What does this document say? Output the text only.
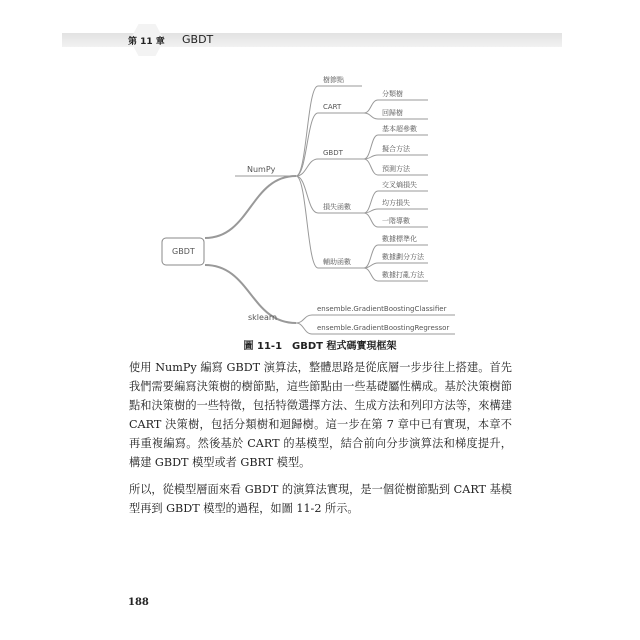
第 11 章 GBDT
GBDT
NumPy
sklearn
樹節點
CART
分類樹
回歸樹
GBDT
基本超參數
擬合方法
預測方法
損失函數
交叉熵損失
均方損失
一階導數
輔助函數
數據標準化
數據劃分方法
數據打亂方法
ensemble.GradientBoostingClassifier
ensemble.GradientBoostingRegressor
圖 11-1　GBDT 程式碼實現框架

使用 NumPy 編寫 GBDT 演算法，整體思路是從底層一步步往上搭建。首先我們需要編寫決策樹的樹節點，這些節點由一些基礎屬性構成。基於決策樹節點和決策樹的一些特徵，包括特徵選擇方法、生成方法和列印方法等，來構建 CART 決策樹，包括分類樹和迴歸樹。這一步在第 7 章中已有實現，本章不再重複編寫。然後基於 CART 的基模型，結合前向分步演算法和梯度提升，構建 GBDT 模型或者 GBRT 模型。

所以，從模型層面來看 GBDT 的演算法實現，是一個從樹節點到 CART 基模型再到 GBDT 模型的過程，如圖 11-2 所示。

188
